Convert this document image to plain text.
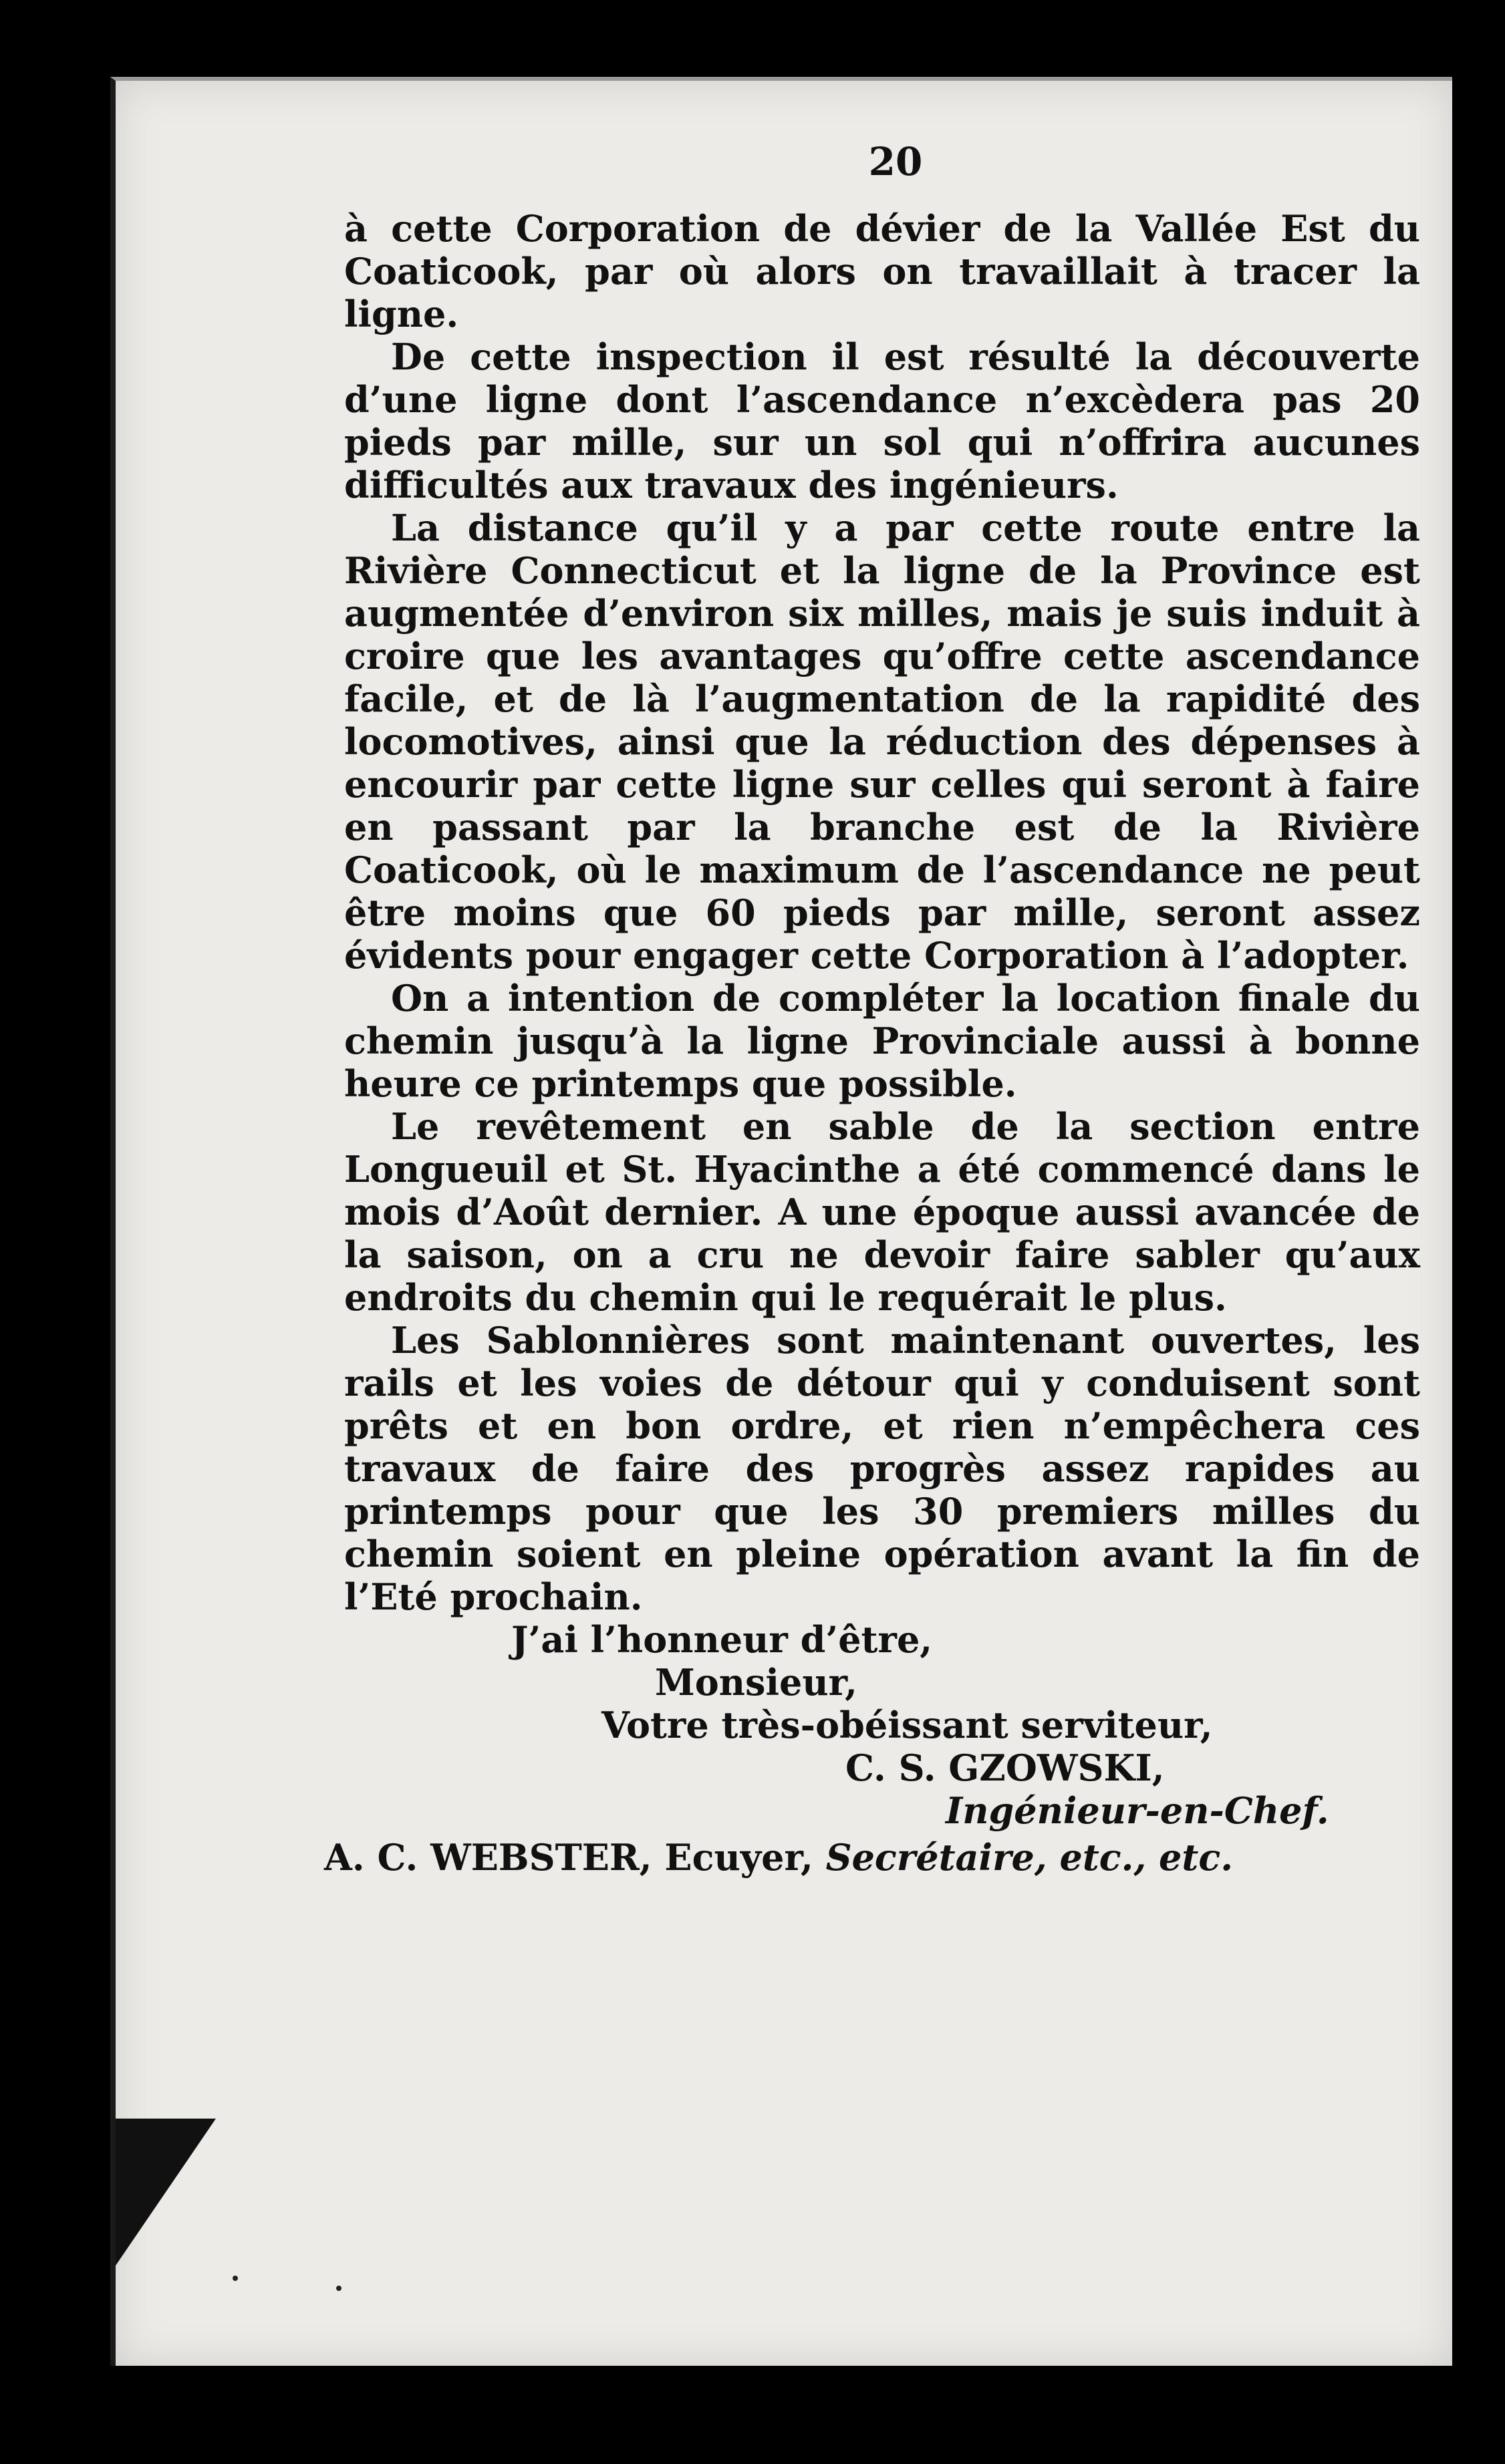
20

à cette Corporation de dévier de la Vallée Est du Coaticook, par où alors on travaillait à tracer la ligne.

De cette inspection il est résulté la découverte d’une ligne dont l’ascendance n’excèdera pas 20 pieds par mille, sur un sol qui n’offrira aucunes difficultés aux travaux des ingénieurs.

La distance qu’il y a par cette route entre la Rivière Connecticut et la ligne de la Province est augmentée d’environ six milles, mais je suis induit à croire que les avantages qu’offre cette ascendance facile, et de là l’augmentation de la rapidité des locomotives, ainsi que la réduction des dépenses à encourir par cette ligne sur celles qui seront à faire en passant par la branche est de la Rivière Coaticook, où le maximum de l’ascendance ne peut être moins que 60 pieds par mille, seront assez évidents pour engager cette Corporation à l’adopter.

On a intention de compléter la location finale du chemin jusqu’à la ligne Provinciale aussi à bonne heure ce printemps que possible.

Le revêtement en sable de la section entre Longueuil et St. Hyacinthe a été commencé dans le mois d’Août dernier. A une époque aussi avancée de la saison, on a cru ne devoir faire sabler qu’aux endroits du chemin qui le requérait le plus.

Les Sablonnières sont maintenant ouvertes, les rails et les voies de détour qui y conduisent sont prêts et en bon ordre, et rien n’empêchera ces travaux de faire des progrès assez rapides au printemps pour que les 30 premiers milles du chemin soient en pleine opération avant la fin de l’Eté prochain.

J’ai l’honneur d’être,

Monsieur,

Votre très-obéissant serviteur,

C. S. GZOWSKI,

Ingénieur-en-Chef.

A. C. WEBSTER, Ecuyer, Secrétaire, etc., etc.
